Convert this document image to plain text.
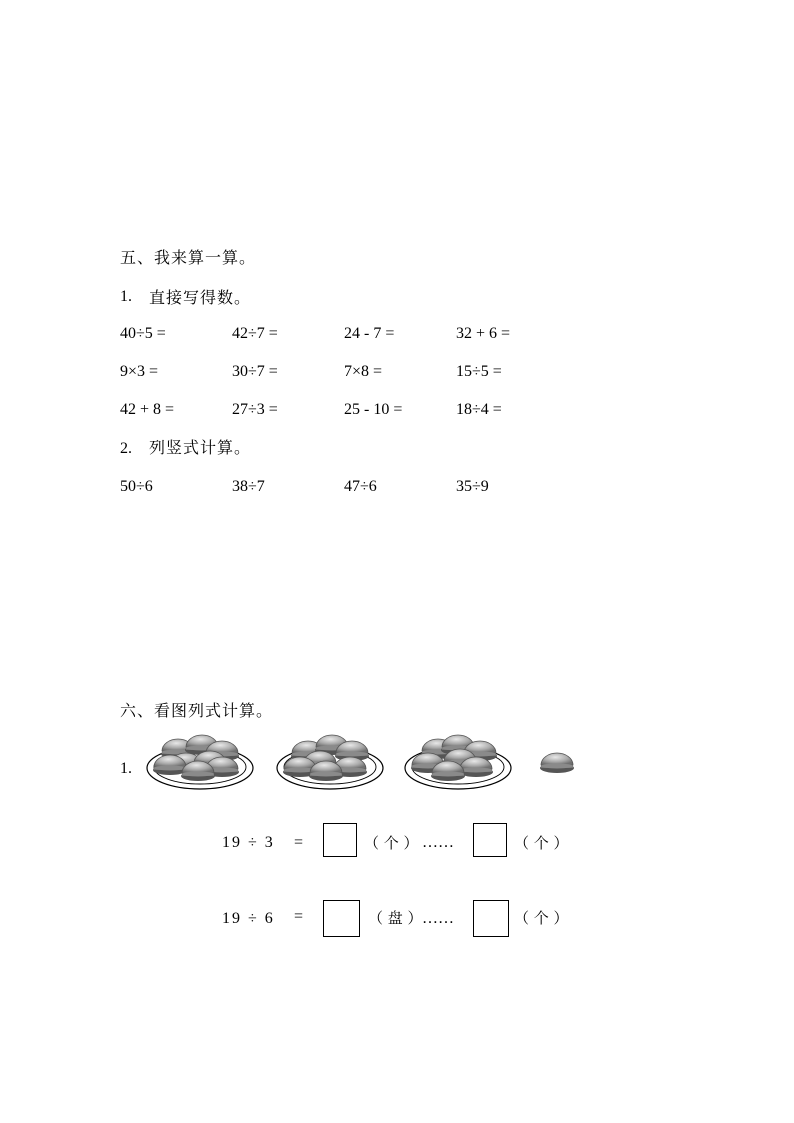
五、我来算一算。
1. 直接写得数。
40÷5 =	42÷7 =	24 - 7 =	32 + 6 =
9×3 =	30÷7 =	7×8 =	15÷5 =
42 + 8 =	27÷3 =	25 - 10 =	18÷4 =
2. 列竖式计算。
50÷6	38÷7	47÷6	35÷9
六、看图列式计算。
1.
19 ÷ 3 =	（ 个 ） ……	（ 个 ）
19 ÷ 6 =	（ 盘 ） ……	（ 个 ）
